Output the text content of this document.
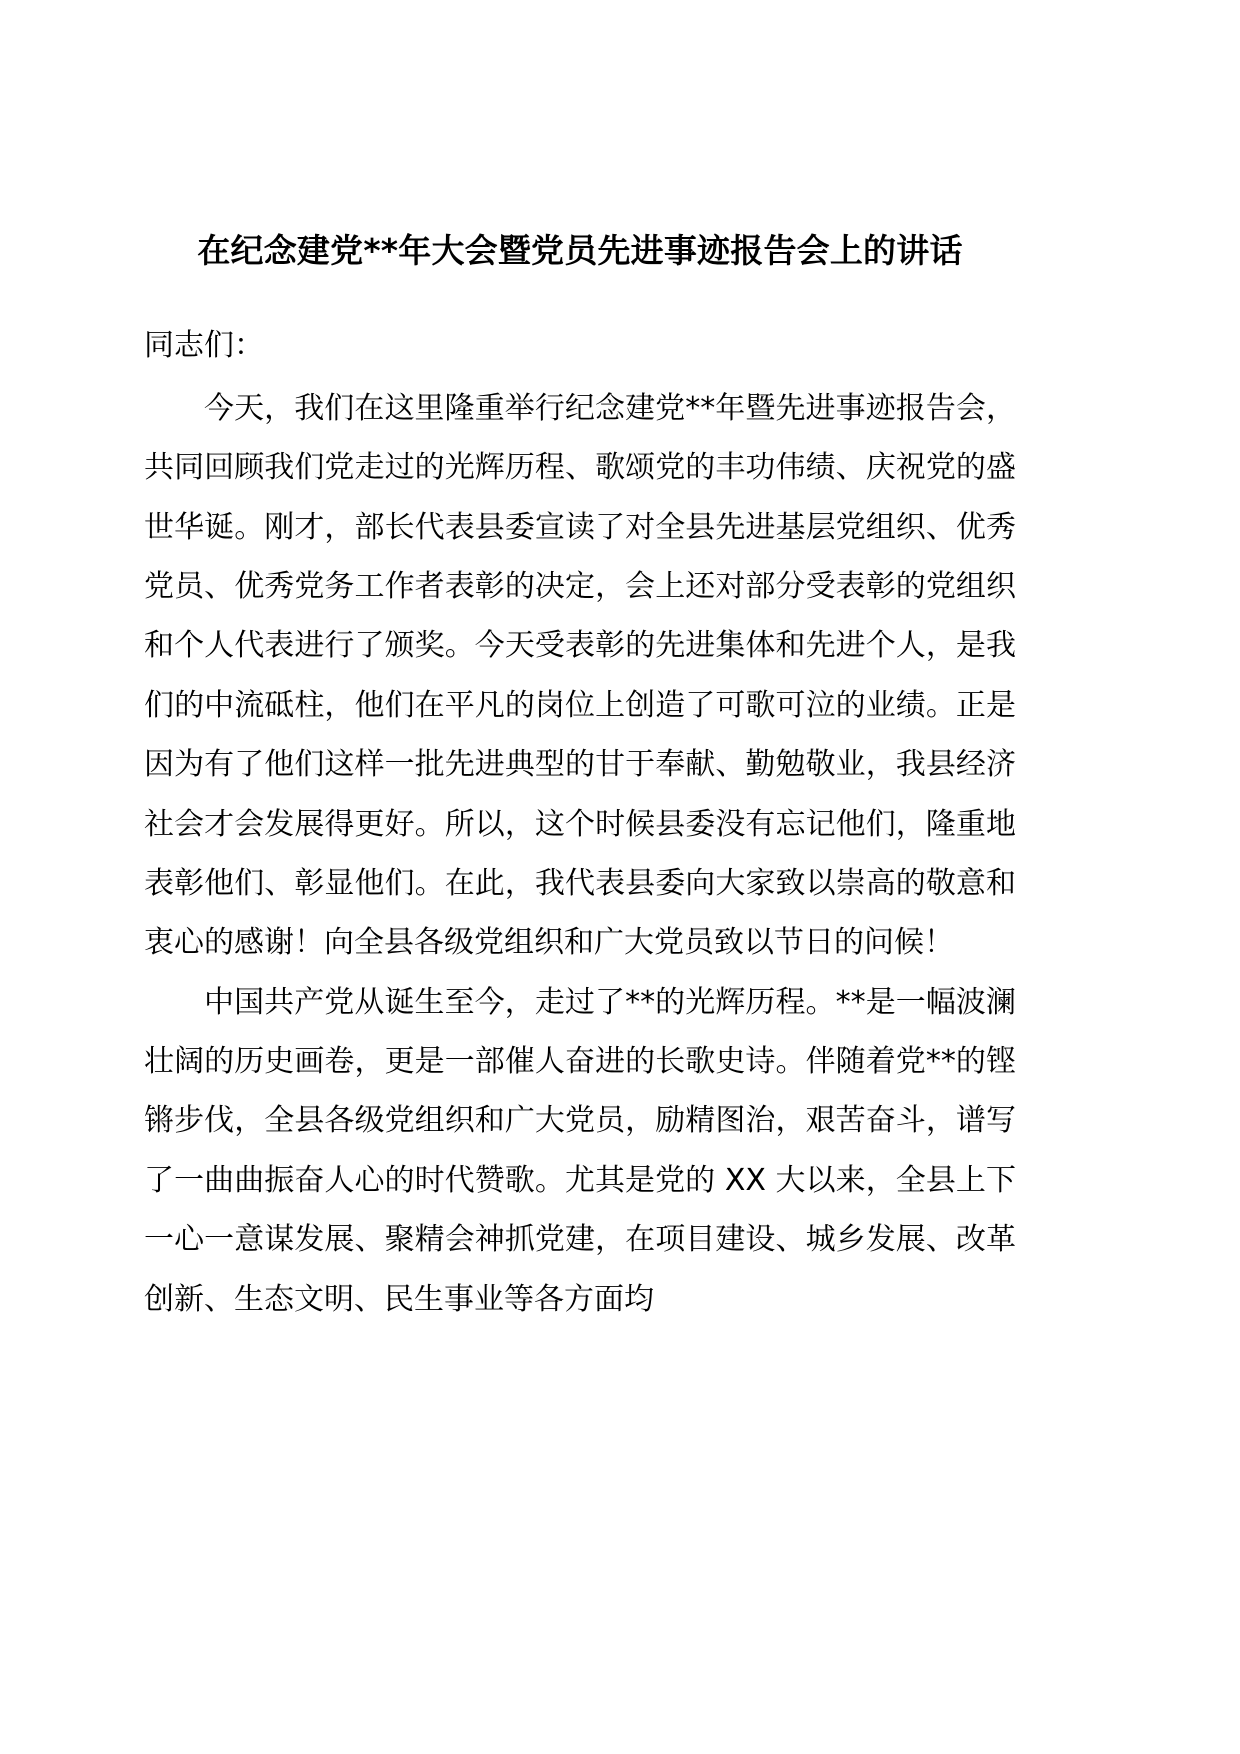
在纪念建党**年大会暨党员先进事迹报告会上的讲话

同志们：

今天，我们在这里隆重举行纪念建党**年暨先进事迹报告会，共同回顾我们党走过的光辉历程、歌颂党的丰功伟绩、庆祝党的盛世华诞。刚才，部长代表县委宣读了对全县先进基层党组织、优秀党员、优秀党务工作者表彰的决定，会上还对部分受表彰的党组织和个人代表进行了颁奖。今天受表彰的先进集体和先进个人，是我们的中流砥柱，他们在平凡的岗位上创造了可歌可泣的业绩。正是因为有了他们这样一批先进典型的甘于奉献、勤勉敬业，我县经济社会才会发展得更好。所以，这个时候县委没有忘记他们，隆重地表彰他们、彰显他们。在此，我代表县委向大家致以崇高的敬意和衷心的感谢！向全县各级党组织和广大党员致以节日的问候！

中国共产党从诞生至今，走过了**的光辉历程。**是一幅波澜壮阔的历史画卷，更是一部催人奋进的长歌史诗。伴随着党**的铿锵步伐，全县各级党组织和广大党员，励精图治，艰苦奋斗，谱写了一曲曲振奋人心的时代赞歌。尤其是党的 XX 大以来，全县上下一心一意谋发展、聚精会神抓党建，在项目建设、城乡发展、改革创新、生态文明、民生事业等各方面均
